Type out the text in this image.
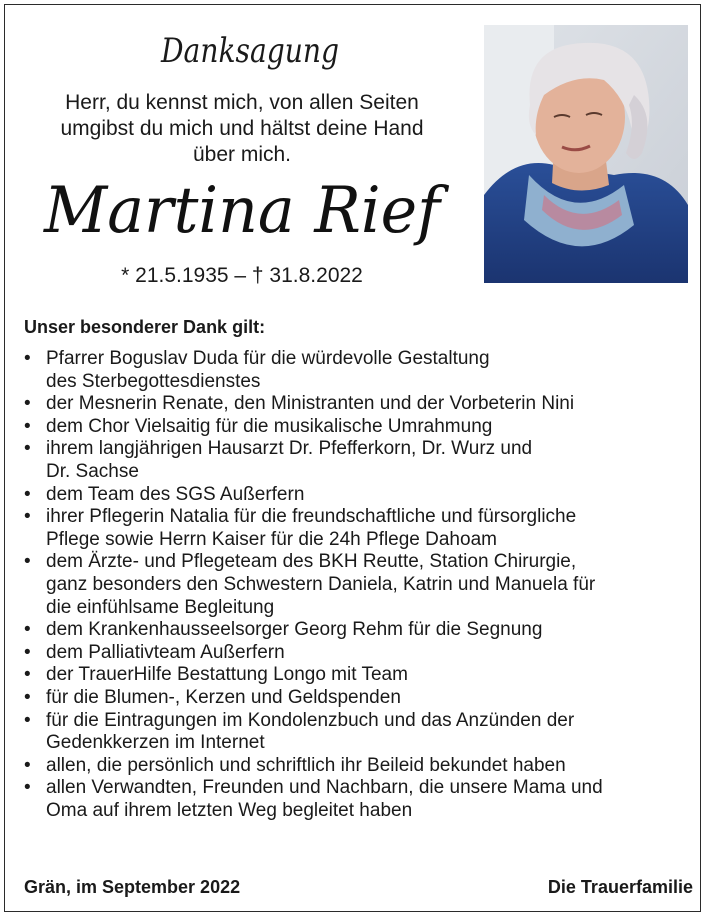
Danksagung
Herr, du kennst mich, von allen Seiten
umgibst du mich und hältst deine Hand
über mich.
Martina Rief
* 21.5.1935 – † 31.8.2022
Unser besonderer Dank gilt:
• Pfarrer Boguslav Duda für die würdevolle Gestaltung
des Sterbegottesdienstes
• der Mesnerin Renate, den Ministranten und der Vorbeterin Nini
• dem Chor Vielsaitig für die musikalische Umrahmung
• ihrem langjährigen Hausarzt Dr. Pfefferkorn, Dr. Wurz und
Dr. Sachse
• dem Team des SGS Außerfern
• ihrer Pflegerin Natalia für die freundschaftliche und fürsorgliche
Pflege sowie Herrn Kaiser für die 24h Pflege Dahoam
• dem Ärzte- und Pflegeteam des BKH Reutte, Station Chirurgie,
ganz besonders den Schwestern Daniela, Katrin und Manuela für
die einfühlsame Begleitung
• dem Krankenhausseelsorger Georg Rehm für die Segnung
• dem Palliativteam Außerfern
• der TrauerHilfe Bestattung Longo mit Team
• für die Blumen-, Kerzen und Geldspenden
• für die Eintragungen im Kondolenzbuch und das Anzünden der
Gedenkkerzen im Internet
• allen, die persönlich und schriftlich ihr Beileid bekundet haben
• allen Verwandten, Freunden und Nachbarn, die unsere Mama und
Oma auf ihrem letzten Weg begleitet haben
Grän, im September 2022	Die Trauerfamilie
